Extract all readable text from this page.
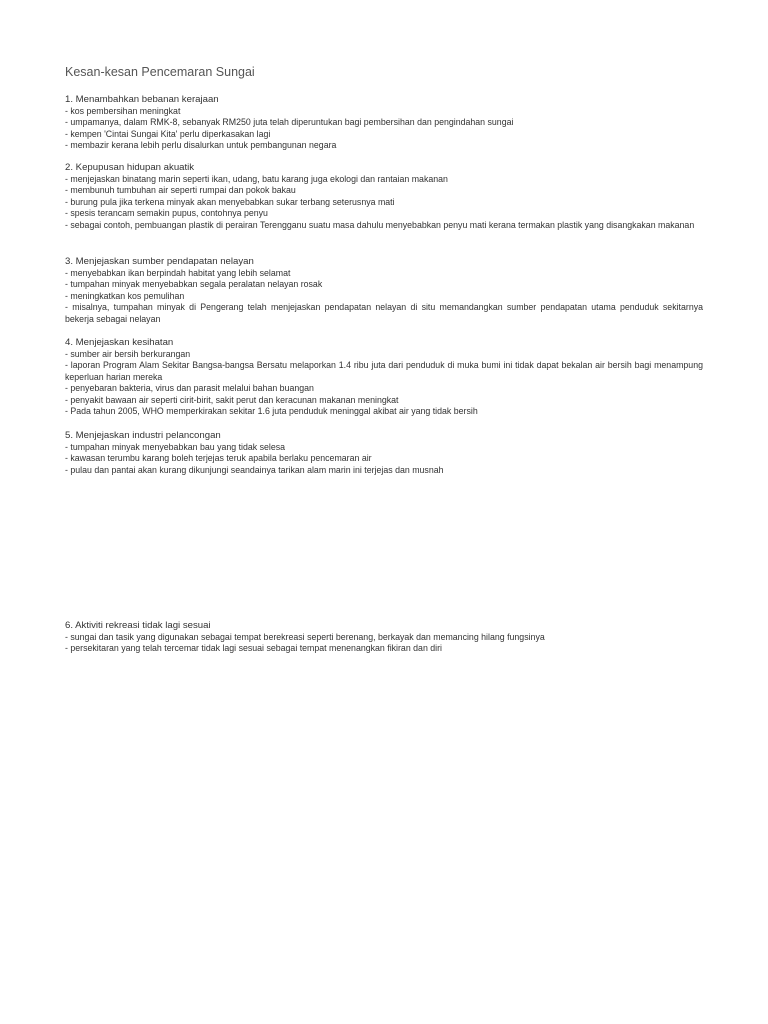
Kesan-kesan Pencemaran Sungai
1. Menambahkan bebanan kerajaan
- kos pembersihan meningkat
- umpamanya, dalam RMK-8, sebanyak RM250 juta telah diperuntukan bagi pembersihan dan pengindahan sungai
- kempen 'Cintai Sungai Kita' perlu diperkasakan lagi
- membazir kerana lebih perlu disalurkan untuk pembangunan negara
2. Kepupusan hidupan akuatik
- menjejaskan binatang marin seperti ikan, udang, batu karang juga ekologi dan rantaian makanan
- membunuh tumbuhan air seperti rumpai dan pokok bakau
- burung pula jika terkena minyak akan menyebabkan sukar terbang seterusnya mati
- spesis terancam semakin pupus, contohnya penyu
- sebagai contoh, pembuangan plastik di perairan Terengganu suatu masa dahulu menyebabkan penyu mati kerana termakan plastik yang disangkakan makanan
3. Menjejaskan sumber pendapatan nelayan
- menyebabkan ikan berpindah habitat yang lebih selamat
- tumpahan minyak menyebabkan segala peralatan nelayan rosak
- meningkatkan kos pemulihan
- misalnya, tumpahan minyak di Pengerang telah menjejaskan pendapatan nelayan di situ memandangkan sumber pendapatan utama penduduk sekitarnya bekerja sebagai nelayan
4. Menjejaskan kesihatan
- sumber air bersih berkurangan
- laporan Program Alam Sekitar Bangsa-bangsa Bersatu melaporkan 1.4 ribu juta dari penduduk di muka bumi ini tidak dapat bekalan air bersih bagi menampung keperluan harian mereka
- penyebaran bakteria, virus dan parasit melalui bahan buangan
- penyakit bawaan air seperti cirit-birit, sakit perut dan keracunan makanan meningkat
- Pada tahun 2005, WHO memperkirakan sekitar 1.6 juta penduduk meninggal akibat air yang tidak bersih
5. Menjejaskan industri pelancongan
- tumpahan minyak menyebabkan bau yang tidak selesa
- kawasan terumbu karang boleh terjejas teruk apabila berlaku pencemaran air
- pulau dan pantai akan kurang dikunjungi seandainya tarikan alam marin ini terjejas dan musnah
6. Aktiviti rekreasi tidak lagi sesuai
- sungai dan tasik yang digunakan sebagai tempat berekreasi seperti berenang, berkayak dan memancing hilang fungsinya
- persekitaran yang telah tercemar tidak lagi sesuai sebagai tempat menenangkan fikiran dan diri
